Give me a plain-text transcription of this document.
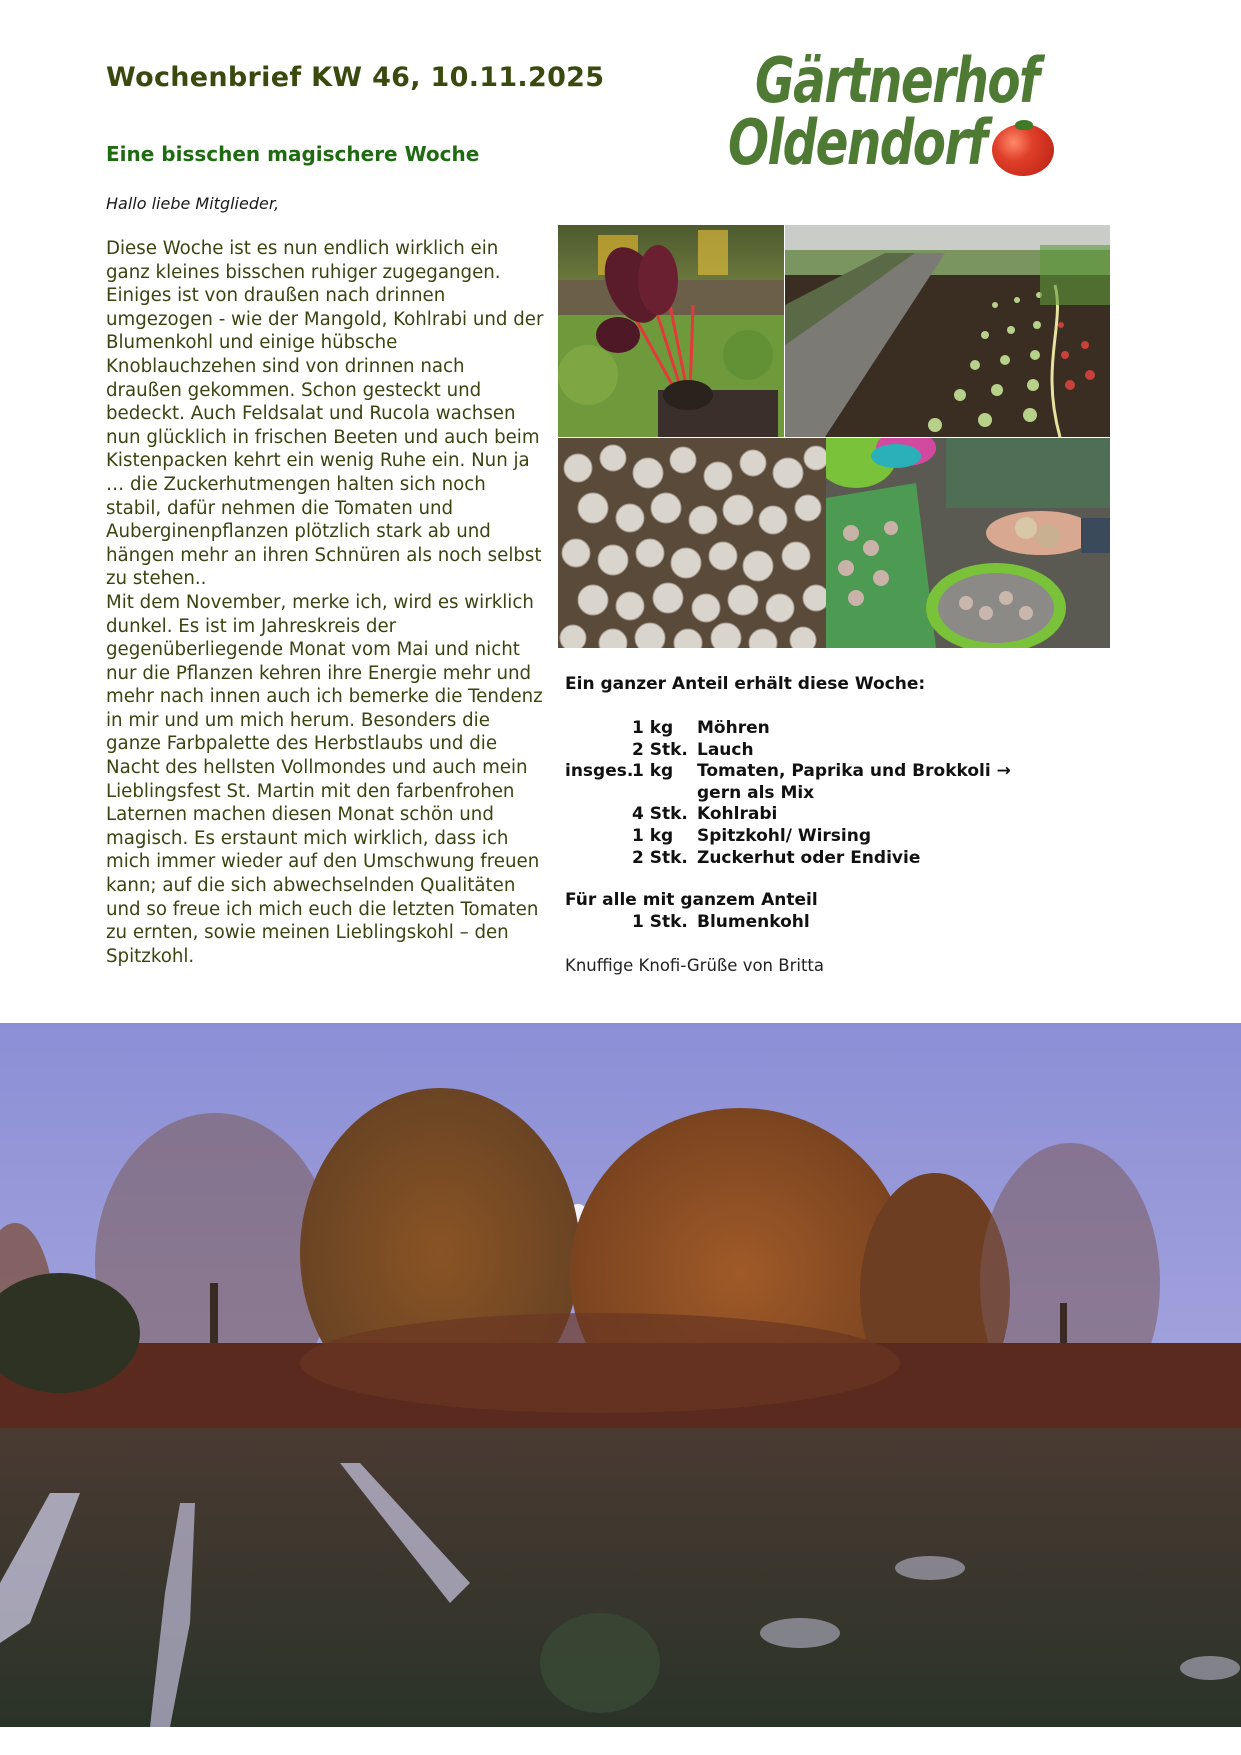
Wochenbrief KW 46, 10.11.2025
Eine bisschen magischere Woche
Hallo liebe Mitglieder,
Gärtnerhof
Oldendorf

Diese Woche ist es nun endlich wirklich ein ganz kleines bisschen ruhiger zugegangen. Einiges ist von draußen nach drinnen umgezogen - wie der Mangold, Kohlrabi und der Blumenkohl und einige hübsche Knoblauchzehen sind von drinnen nach draußen gekommen. Schon gesteckt und bedeckt. Auch Feldsalat und Rucola wachsen nun glücklich in frischen Beeten und auch beim Kistenpacken kehrt ein wenig Ruhe ein. Nun ja … die Zuckerhutmengen halten sich noch stabil, dafür nehmen die Tomaten und Auberginenpflanzen plötzlich stark ab und hängen mehr an ihren Schnüren als noch selbst zu stehen..

Mit dem November, merke ich, wird es wirklich dunkel. Es ist im Jahreskreis der gegenüberliegende Monat vom Mai und nicht nur die Pflanzen kehren ihre Energie mehr und mehr nach innen auch ich bemerke die Tendenz in mir und um mich herum. Besonders die ganze Farbpalette des Herbstlaubs und die Nacht des hellsten Vollmondes und auch mein Lieblingsfest St. Martin mit den farbenfrohen Laternen machen diesen Monat schön und magisch. Es erstaunt mich wirklich, dass ich mich immer wieder auf den Umschwung freuen kann; auf die sich abwechselnden Qualitäten und so freue ich mich euch die letzten Tomaten zu ernten, sowie meinen Lieblingskohl – den Spitzkohl.

Ein ganzer Anteil erhält diese Woche:
1 kg Möhren
2 Stk. Lauch
insges.
1 kg Tomaten, Paprika und Brokkoli →
gern als Mix
4 Stk. Kohlrabi
1 kg Spitzkohl/ Wirsing
2 Stk. Zuckerhut oder Endivie
Für alle mit ganzem Anteil
1 Stk. Blumenkohl
Knuffige Knofi-Grüße von Britta
